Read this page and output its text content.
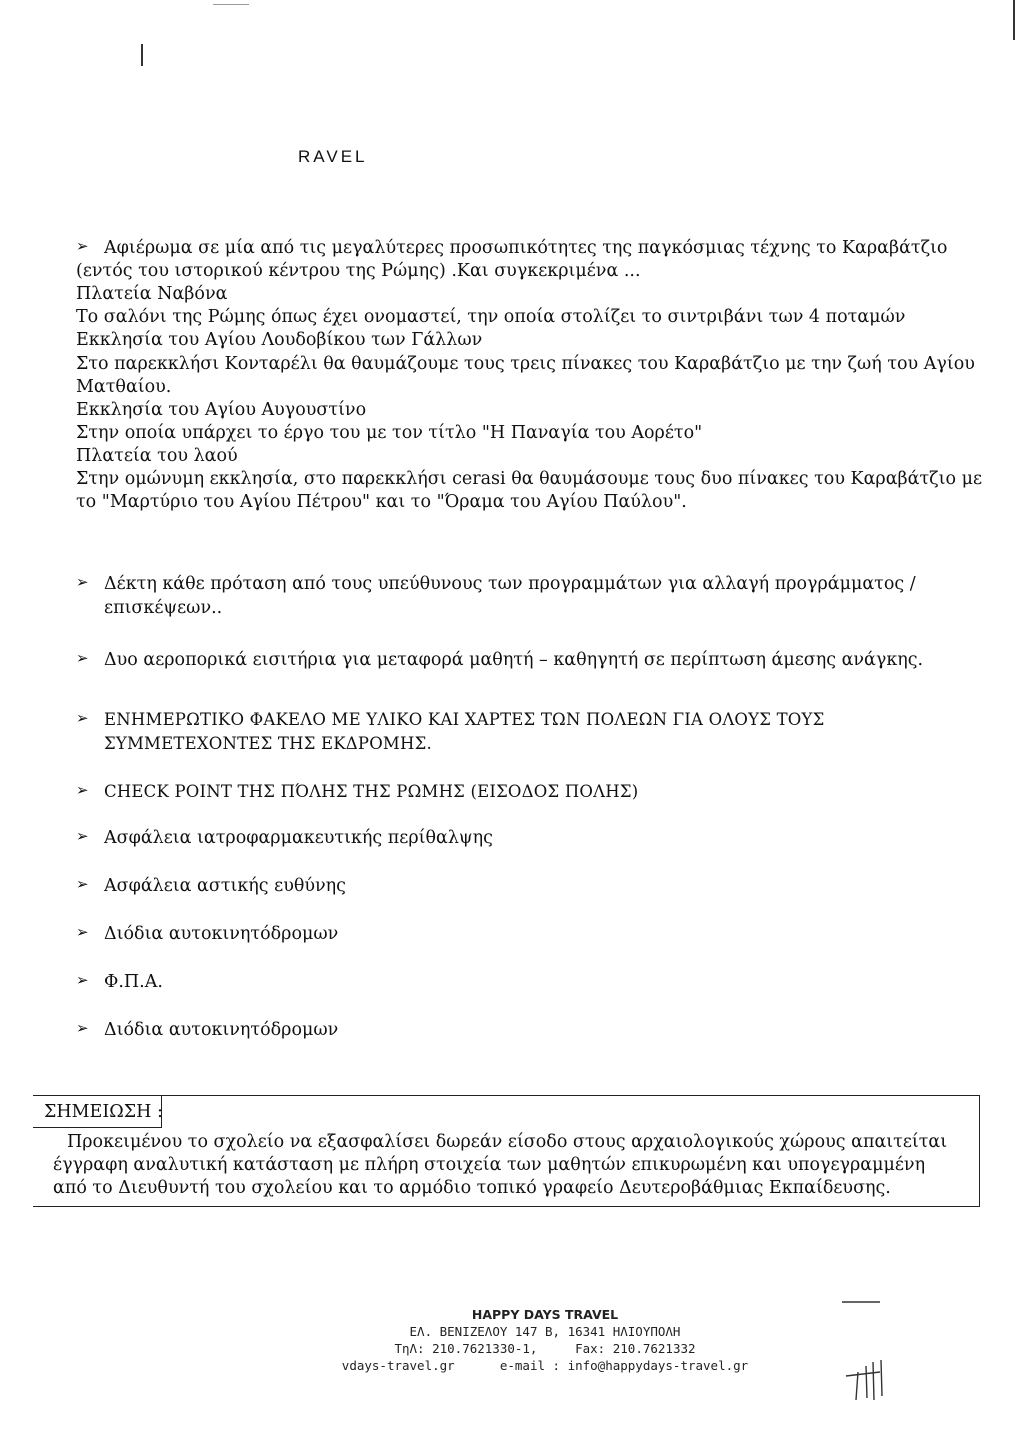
RAVEL
➢ Αφιέρωμα σε μία από τις μεγαλύτερες προσωπικότητες της παγκόσμιας τέχνης το Καραβάτζιο
(εντός του ιστορικού κέντρου της Ρώμης) .Και συγκεκριμένα ...
Πλατεία Ναβόνα
Το σαλόνι της Ρώμης όπως έχει ονομαστεί, την οποία στολίζει το σιντριβάνι των 4 ποταμών
Εκκλησία του Αγίου Λουδοβίκου των Γάλλων
Στο παρεκκλήσι Κονταρέλι θα θαυμάζουμε τους τρεις πίνακες του Καραβάτζιο με την ζωή του Αγίου
Ματθαίου.
Εκκλησία του Αγίου Αυγουστίνο
Στην οποία υπάρχει το έργο του με τον τίτλο "Η Παναγία του Αορέτο"
Πλατεία του λαού
Στην ομώνυμη εκκλησία, στο παρεκκλήσι cerasi θα θαυμάσουμε τους δυο πίνακες του Καραβάτζιο με
το "Μαρτύριο του Αγίου Πέτρου" και το "Όραμα του Αγίου Παύλου".
➢ Δέκτη κάθε πρόταση από τους υπεύθυνους των προγραμμάτων για αλλαγή προγράμματος /
επισκέψεων..
➢ Δυο αεροπορικά εισιτήρια για μεταφορά μαθητή – καθηγητή σε περίπτωση άμεσης ανάγκης.
➢ ΕΝΗΜΕΡΩΤΙΚΟ ΦΑΚΕΛΟ ΜΕ ΥΛΙΚΟ ΚΑΙ ΧΑΡΤΕΣ ΤΩΝ ΠΟΛΕΩΝ ΓΙΑ ΟΛΟΥΣ ΤΟΥΣ
ΣΥΜΜΕΤΕΧΟΝΤΕΣ ΤΗΣ ΕΚΔΡΟΜΗΣ.
➢ CHECK POINT ΤΗΣ ΠΌΛΗΣ ΤΗΣ ΡΩΜΗΣ (ΕΙΣΟΔΟΣ ΠΟΛΗΣ)
➢ Ασφάλεια ιατροφαρμακευτικής περίθαλψης
➢ Ασφάλεια αστικής ευθύνης
➢ Διόδια αυτοκινητόδρομων
➢ Φ.Π.Α.
➢ Διόδια αυτοκινητόδρομων
ΣΗΜΕΙΩΣΗ :
Προκειμένου το σχολείο να εξασφαλίσει δωρεάν είσοδο στους αρχαιολογικούς χώρους απαιτείται
έγγραφη αναλυτική κατάσταση με πλήρη στοιχεία των μαθητών επικυρωμένη και υπογεγραμμένη
από το Διευθυντή του σχολείου και το αρμόδιο τοπικό γραφείο Δευτεροβάθμιας Εκπαίδευσης.
HAPPY DAYS TRAVEL
ΕΛ. ΒΕΝΙΖΕΛΟΥ 147 Β, 16341 ΗΛΙΟΥΠΟΛΗ
ΤηΛ: 210.7621330-1,	Fax: 210.7621332
vdays-travel.gr	e-mail : info@happydays-travel.gr
